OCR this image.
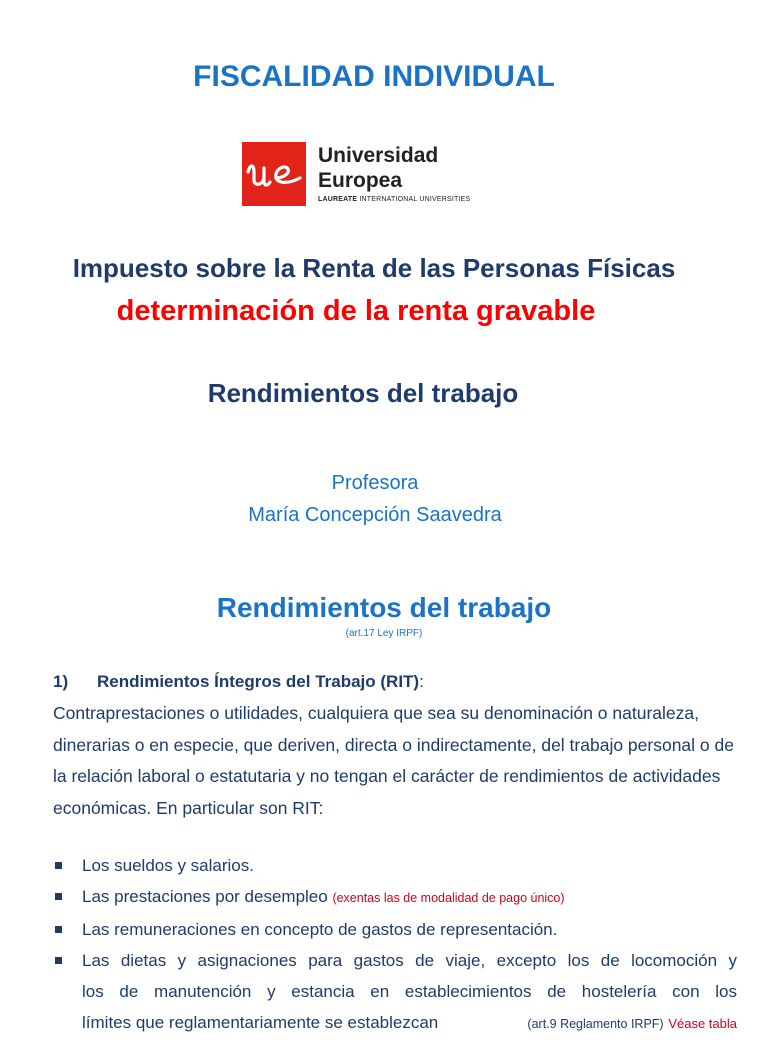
FISCALIDAD INDIVIDUAL
Universidad
Europea
LAUREATE INTERNATIONAL UNIVERSITIES
Impuesto sobre la Renta de las Personas Físicas
determinación de la renta gravable
Rendimientos del trabajo
Profesora
María Concepción Saavedra
Rendimientos del trabajo
(art.17 Ley IRPF)
1) Rendimientos Íntegros del Trabajo (RIT):
Contraprestaciones o utilidades, cualquiera que sea su denominación o naturaleza, dinerarias o en especie, que deriven, directa o indirectamente, del trabajo personal o de la relación laboral o estatutaria y no tengan el carácter de rendimientos de actividades económicas. En particular son RIT:
Los sueldos y salarios.
Las prestaciones por desempleo (exentas las de modalidad de pago único)
Las remuneraciones en concepto de gastos de representación.
Las dietas y asignaciones para gastos de viaje, excepto los de locomoción y
los de manutención y estancia en establecimientos de hostelería con los
límites que reglamentariamente se establezcan	(art.9 Reglamento IRPF) Véase tabla
